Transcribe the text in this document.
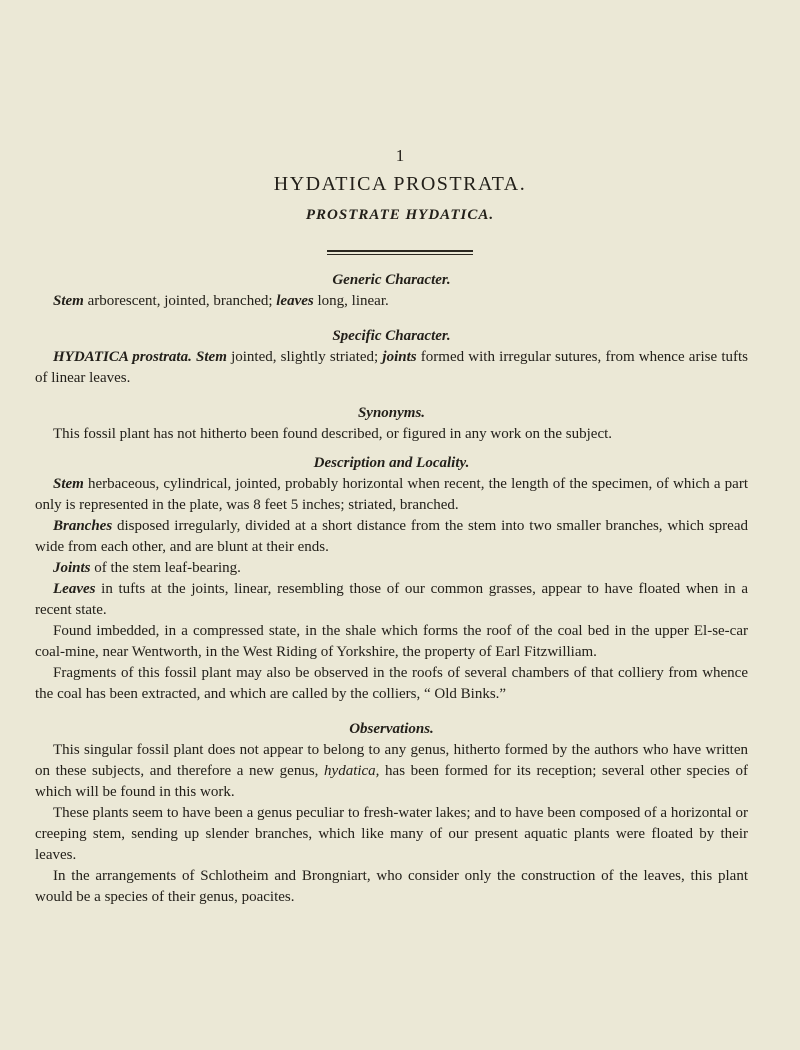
1
HYDATICA PROSTRATA.
PROSTRATE HYDATICA.

Generic Character.

Stem arborescent, jointed, branched; leaves long, linear.

Specific Character.

HYDATICA prostrata. Stem jointed, slightly striated; joints formed with irregular sutures, from whence arise tufts of linear leaves.

Synonyms.

This fossil plant has not hitherto been found described, or figured in any work on the subject.

Description and Locality.

Stem herbaceous, cylindrical, jointed, probably horizontal when recent, the length of the specimen, of which a part only is represented in the plate, was 8 feet 5 inches; striated, branched.

Branches disposed irregularly, divided at a short distance from the stem into two smaller branches, which spread wide from each other, and are blunt at their ends.

Joints of the stem leaf-bearing.

Leaves in tufts at the joints, linear, resembling those of our common grasses, appear to have floated when in a recent state.

Found imbedded, in a compressed state, in the shale which forms the roof of the coal bed in the upper El-se-car coal-mine, near Wentworth, in the West Riding of Yorkshire, the property of Earl Fitzwilliam.

Fragments of this fossil plant may also be observed in the roofs of several chambers of that colliery from whence the coal has been extracted, and which are called by the colliers, “ Old Binks.”

Observations.

This singular fossil plant does not appear to belong to any genus, hitherto formed by the authors who have written on these subjects, and therefore a new genus, hydatica, has been formed for its reception; several other species of which will be found in this work.

These plants seem to have been a genus peculiar to fresh-water lakes; and to have been composed of a horizontal or creeping stem, sending up slender branches, which like many of our present aquatic plants were floated by their leaves.

In the arrangements of Schlotheim and Brongniart, who consider only the construction of the leaves, this plant would be a species of their genus, poacites.
